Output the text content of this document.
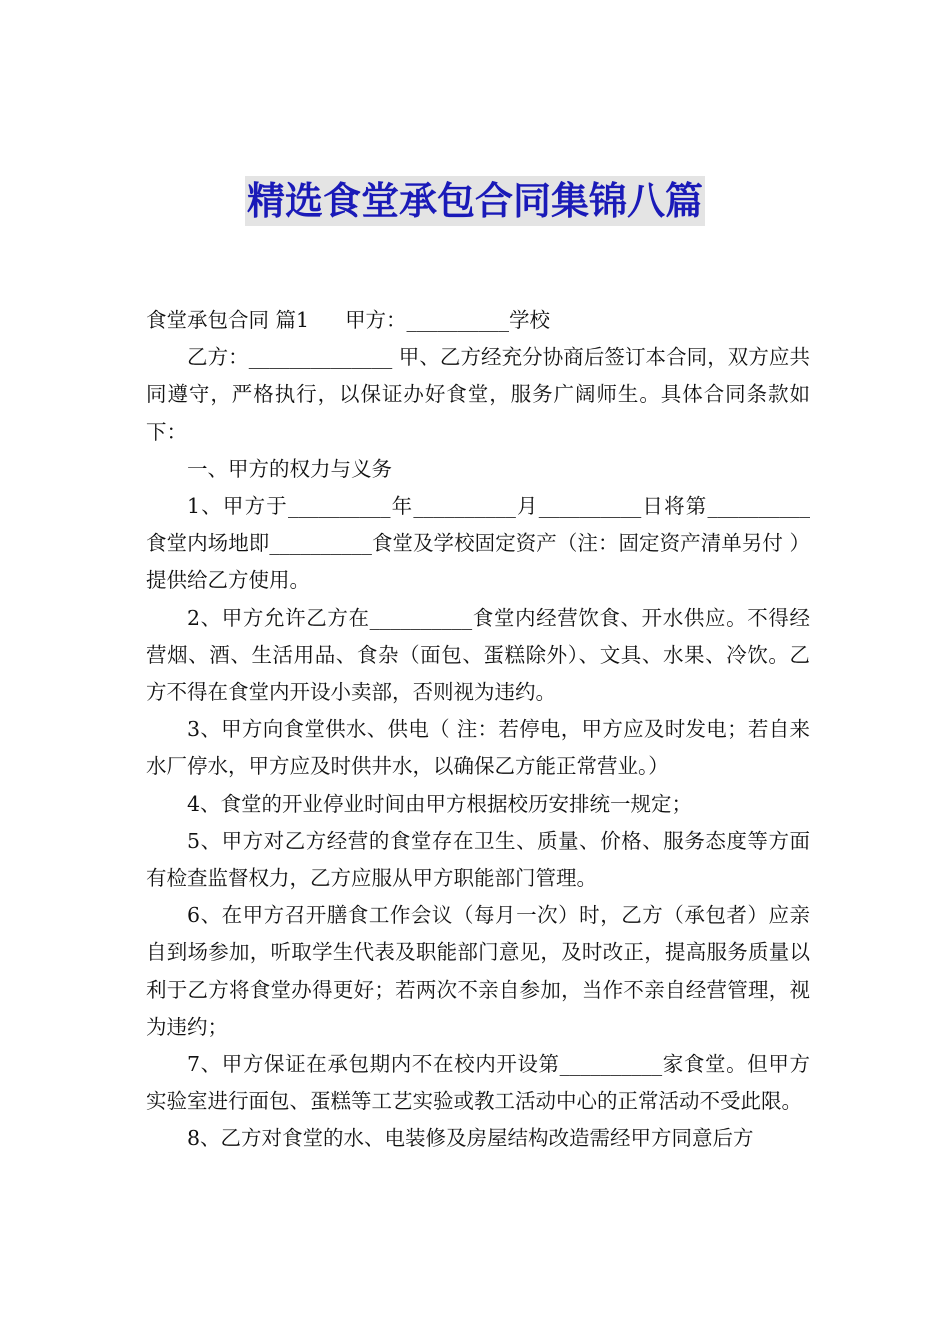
精选食堂承包合同集锦八篇

食堂承包合同 篇1 甲方：__________学校

乙方：______________ 甲、乙方经充分协商后签订本合同，双方应共同遵守，严格执行，以保证办好食堂，服务广阔师生。具体合同条款如下：

一、甲方的权力与义务

1、甲方于__________年__________月__________日将第__________食堂内场地即__________食堂及学校固定资产（注：固定资产清单另付 ）提供给乙方使用。

2、甲方允许乙方在__________食堂内经营饮食、开水供应。不得经营烟、酒、生活用品、食杂（面包、蛋糕除外）、文具、水果、冷饮。乙方不得在食堂内开设小卖部，否则视为违约。

3、甲方向食堂供水、供电（ 注：若停电，甲方应及时发电；若自来水厂停水，甲方应及时供井水，以确保乙方能正常营业。）

4、食堂的开业停业时间由甲方根据校历安排统一规定；

5、甲方对乙方经营的食堂存在卫生、质量、价格、服务态度等方面有检查监督权力，乙方应服从甲方职能部门管理。

6、在甲方召开膳食工作会议（每月一次）时，乙方（承包者）应亲自到场参加，听取学生代表及职能部门意见，及时改正，提高服务质量以利于乙方将食堂办得更好；若两次不亲自参加，当作不亲自经营管理，视为违约；

7、甲方保证在承包期内不在校内开设第__________家食堂。但甲方实验室进行面包、蛋糕等工艺实验或教工活动中心的正常活动不受此限。

8、乙方对食堂的水、电装修及房屋结构改造需经甲方同意后方
